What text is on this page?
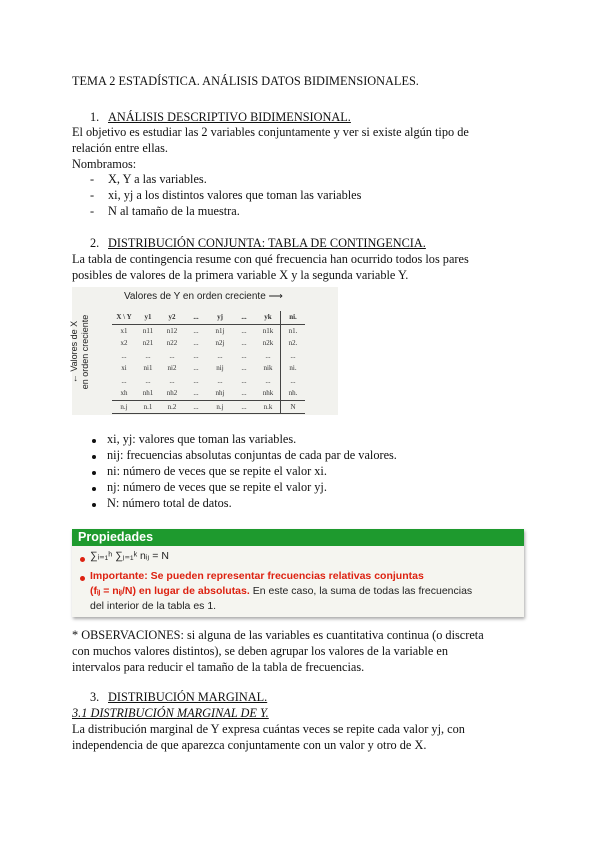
TEMA 2 ESTADÍSTICA. ANÁLISIS DATOS BIDIMENSIONALES.
1. ANÁLISIS DESCRIPTIVO BIDIMENSIONAL.
El objetivo es estudiar las 2 variables conjuntamente y ver si existe algún tipo de
relación entre ellas.
Nombramos:
- X, Y a las variables.
- xi, yj a los distintos valores que toman las variables
- N al tamaño de la muestra.
2. DISTRIBUCIÓN CONJUNTA: TABLA DE CONTINGENCIA.
La tabla de contingencia resume con qué frecuencia han ocurrido todos los pares
posibles de valores de la primera variable X y la segunda variable Y.
Valores de Y en orden creciente ⟶
← Valores de X
en orden creciente	X \ Y	y1	y2	...	yj	...	yk	ni.
x1	n11	n12	...	n1j	...	n1k	n1.
x2	n21	n22	...	n2j	...	n2k	n2.
...	...	...	...	...	...	...	...
xi	ni1	ni2	...	nij	...	nik	ni.
...	...	...	...	...	...	...	...
xh	nh1	nh2	...	nhj	...	nhk	nh.
n.j	n.1	n.2	...	n.j	...	n.k	N
xi, yj: valores que toman las variables.
nij: frecuencias absolutas conjuntas de cada par de valores.
ni: número de veces que se repite el valor xi.
nj: número de veces que se repite el valor yj.
N: número total de datos.
Propiedades
∑ᵢ₌₁ʰ ∑ⱼ₌₁ᵏ nᵢⱼ = N
Importante: Se pueden representar frecuencias relativas conjuntas
(fᵢⱼ = nᵢⱼ/N) en lugar de absolutas. En este caso, la suma de todas las frecuencias
del interior de la tabla es 1.
* OBSERVACIONES: si alguna de las variables es cuantitativa continua (o discreta
con muchos valores distintos), se deben agrupar los valores de la variable en
intervalos para reducir el tamaño de la tabla de frecuencias.
3. DISTRIBUCIÓN MARGINAL.
3.1 DISTRIBUCIÓN MARGINAL DE Y.
La distribución marginal de Y expresa cuántas veces se repite cada valor yj, con
independencia de que aparezca conjuntamente con un valor y otro de X.
